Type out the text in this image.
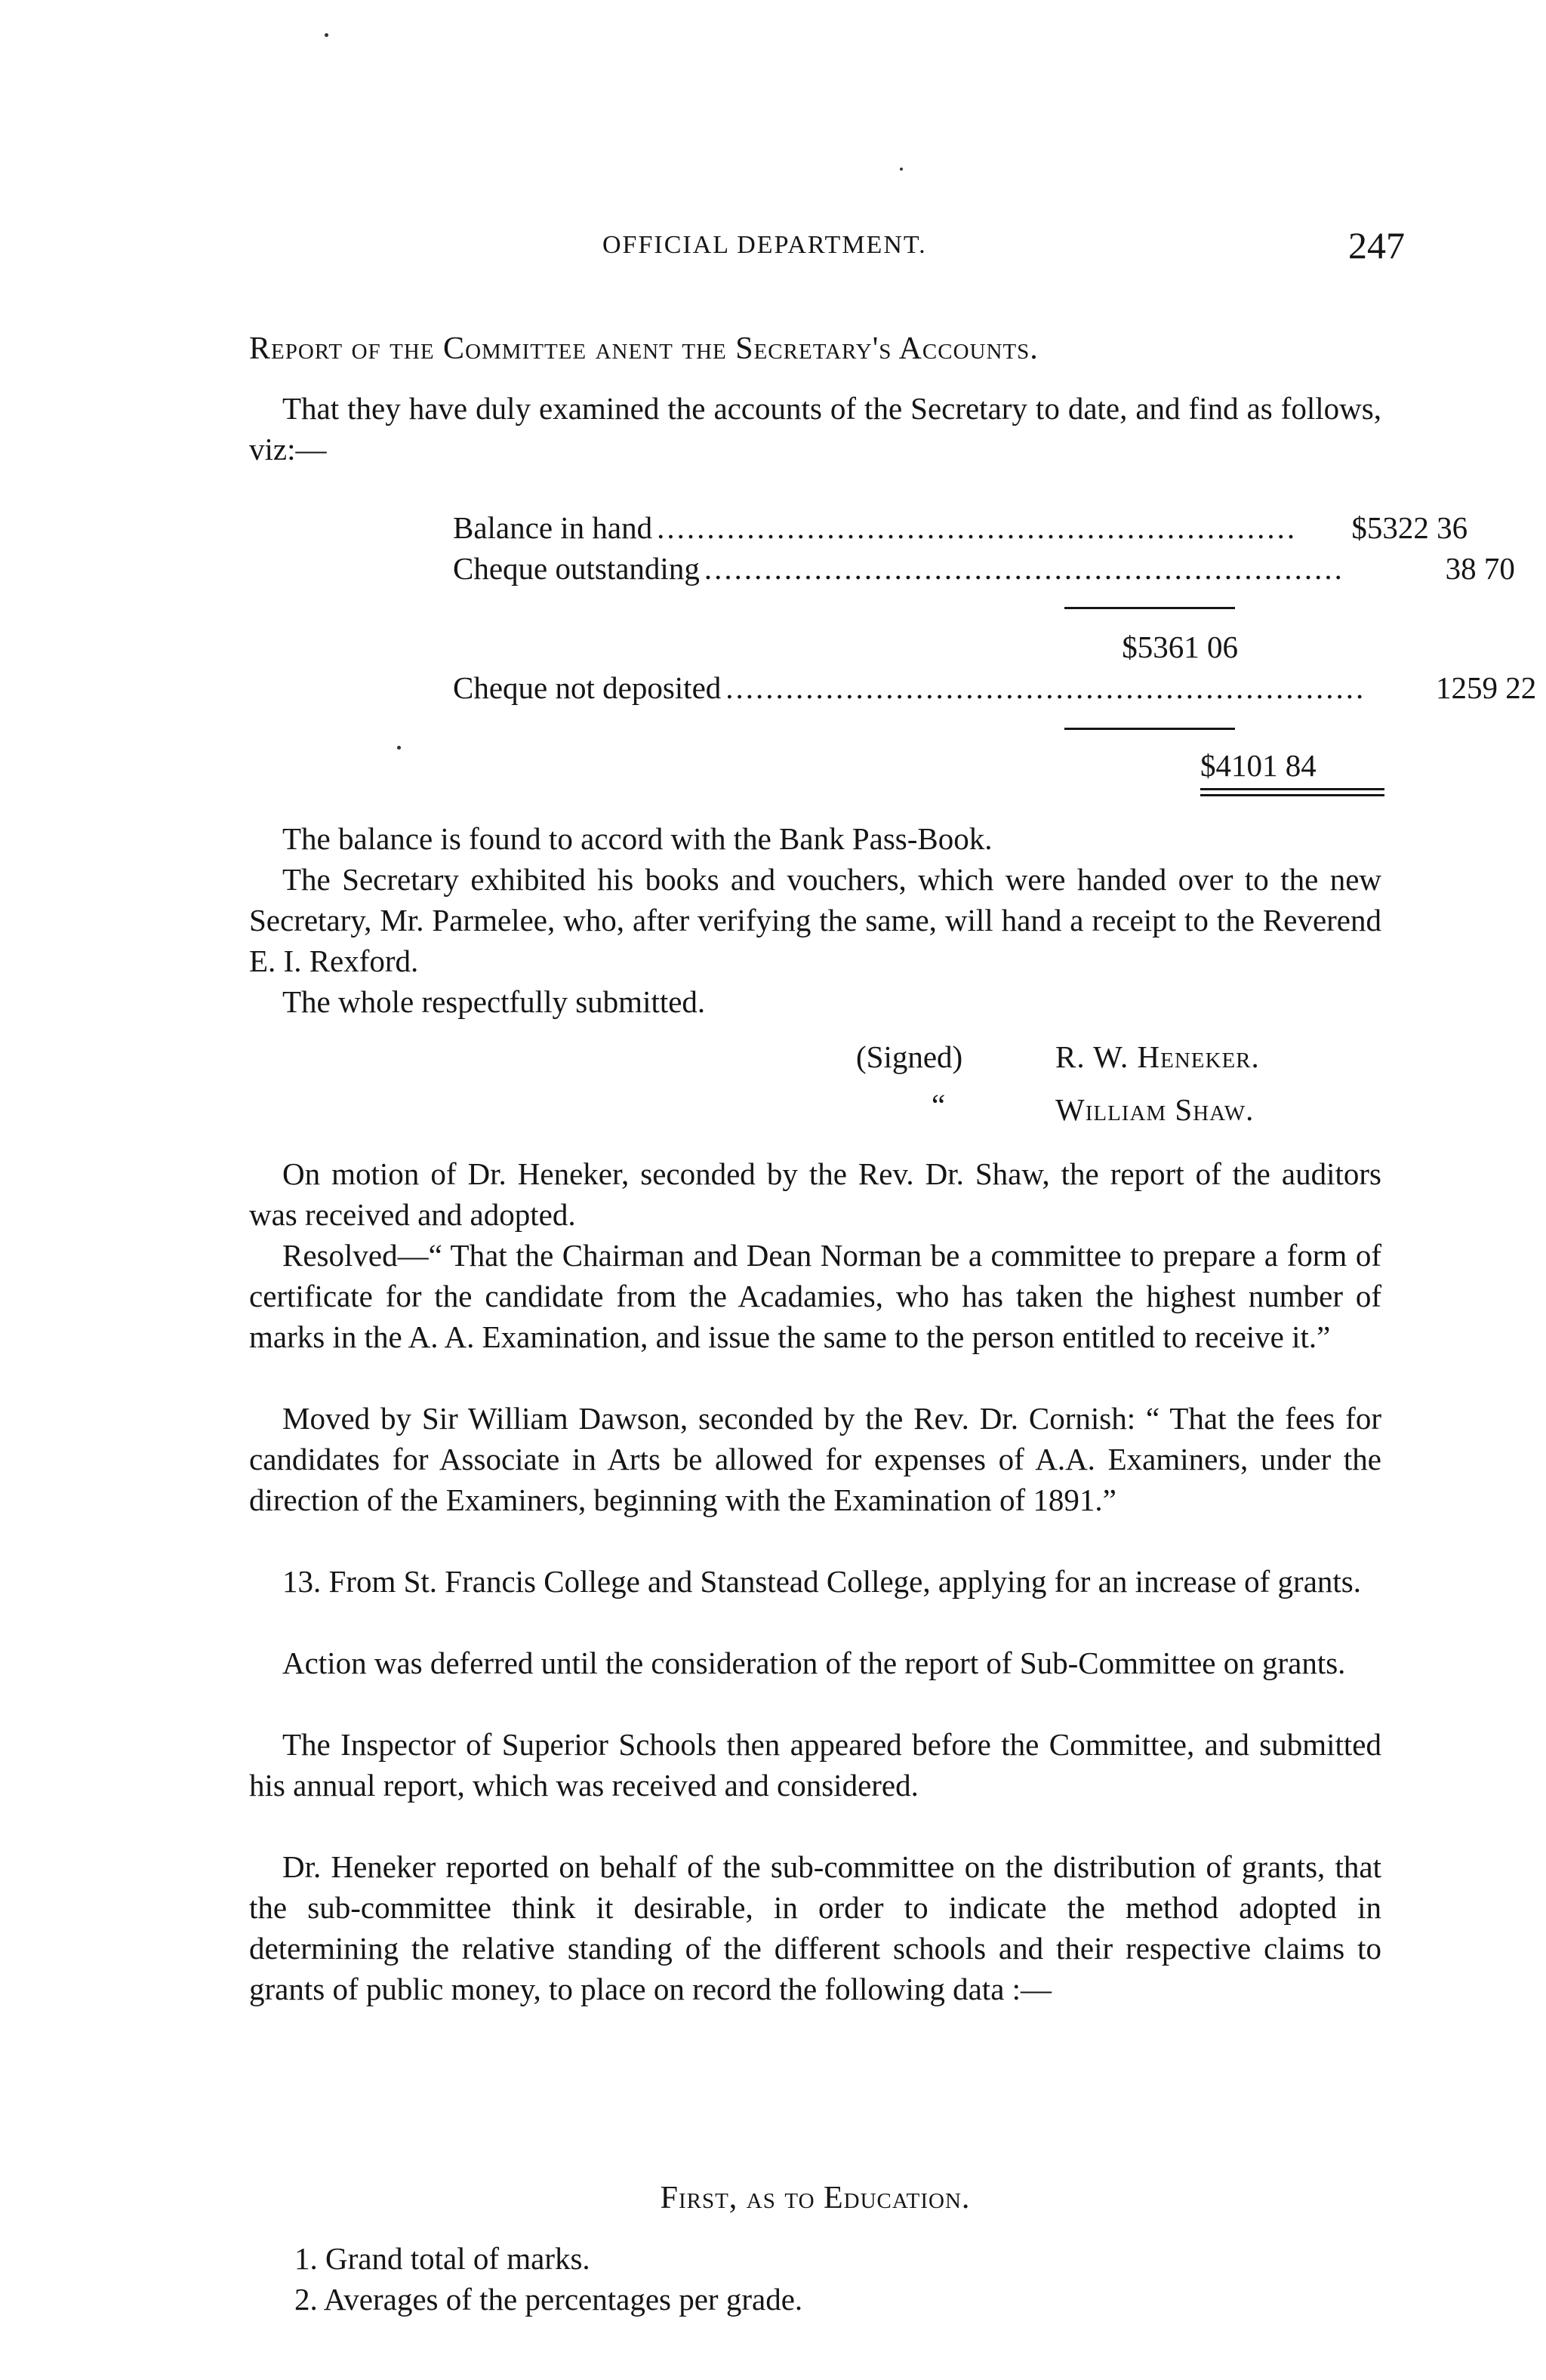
OFFICIAL DEPARTMENT.	247
Report of the Committee anent the Secretary's Accounts.
That they have duly examined the accounts of the Secretary to date, and find as follows, viz:—
Balance in hand ................................................................	$5322 36
Cheque outstanding ................................................................	38 70
$5361 06
Cheque not deposited ................................................................	1259 22
$4101 84
The balance is found to accord with the Bank Pass-Book.
The Secretary exhibited his books and vouchers, which were handed over to the new Secretary, Mr. Parmelee, who, after verifying the same, will hand a receipt to the Reverend E. I. Rexford.
The whole respectfully submitted.
(Signed)	R. W. Heneker.
“	William Shaw.
On motion of Dr. Heneker, seconded by the Rev. Dr. Shaw, the report of the auditors was received and adopted.
Resolved—“ That the Chairman and Dean Norman be a committee to prepare a form of certificate for the candidate from the Acadamies, who has taken the highest number of marks in the A. A. Examination, and issue the same to the person entitled to receive it.”
Moved by Sir William Dawson, seconded by the Rev. Dr. Cornish: “ That the fees for candidates for Associate in Arts be allowed for expenses of A.A. Examiners, under the direction of the Examiners, beginning with the Examination of 1891.”
13. From St. Francis College and Stanstead College, applying for an increase of grants.
Action was deferred until the consideration of the report of Sub-Committee on grants.
The Inspector of Superior Schools then appeared before the Committee, and submitted his annual report, which was received and considered.
Dr. Heneker reported on behalf of the sub-committee on the distribution of grants, that the sub-committee think it desirable, in order to indicate the method adopted in determining the relative standing of the different schools and their respective claims to grants of public money, to place on record the following data :—
First, as to Education.
1. Grand total of marks.
2. Averages of the percentages per grade.
